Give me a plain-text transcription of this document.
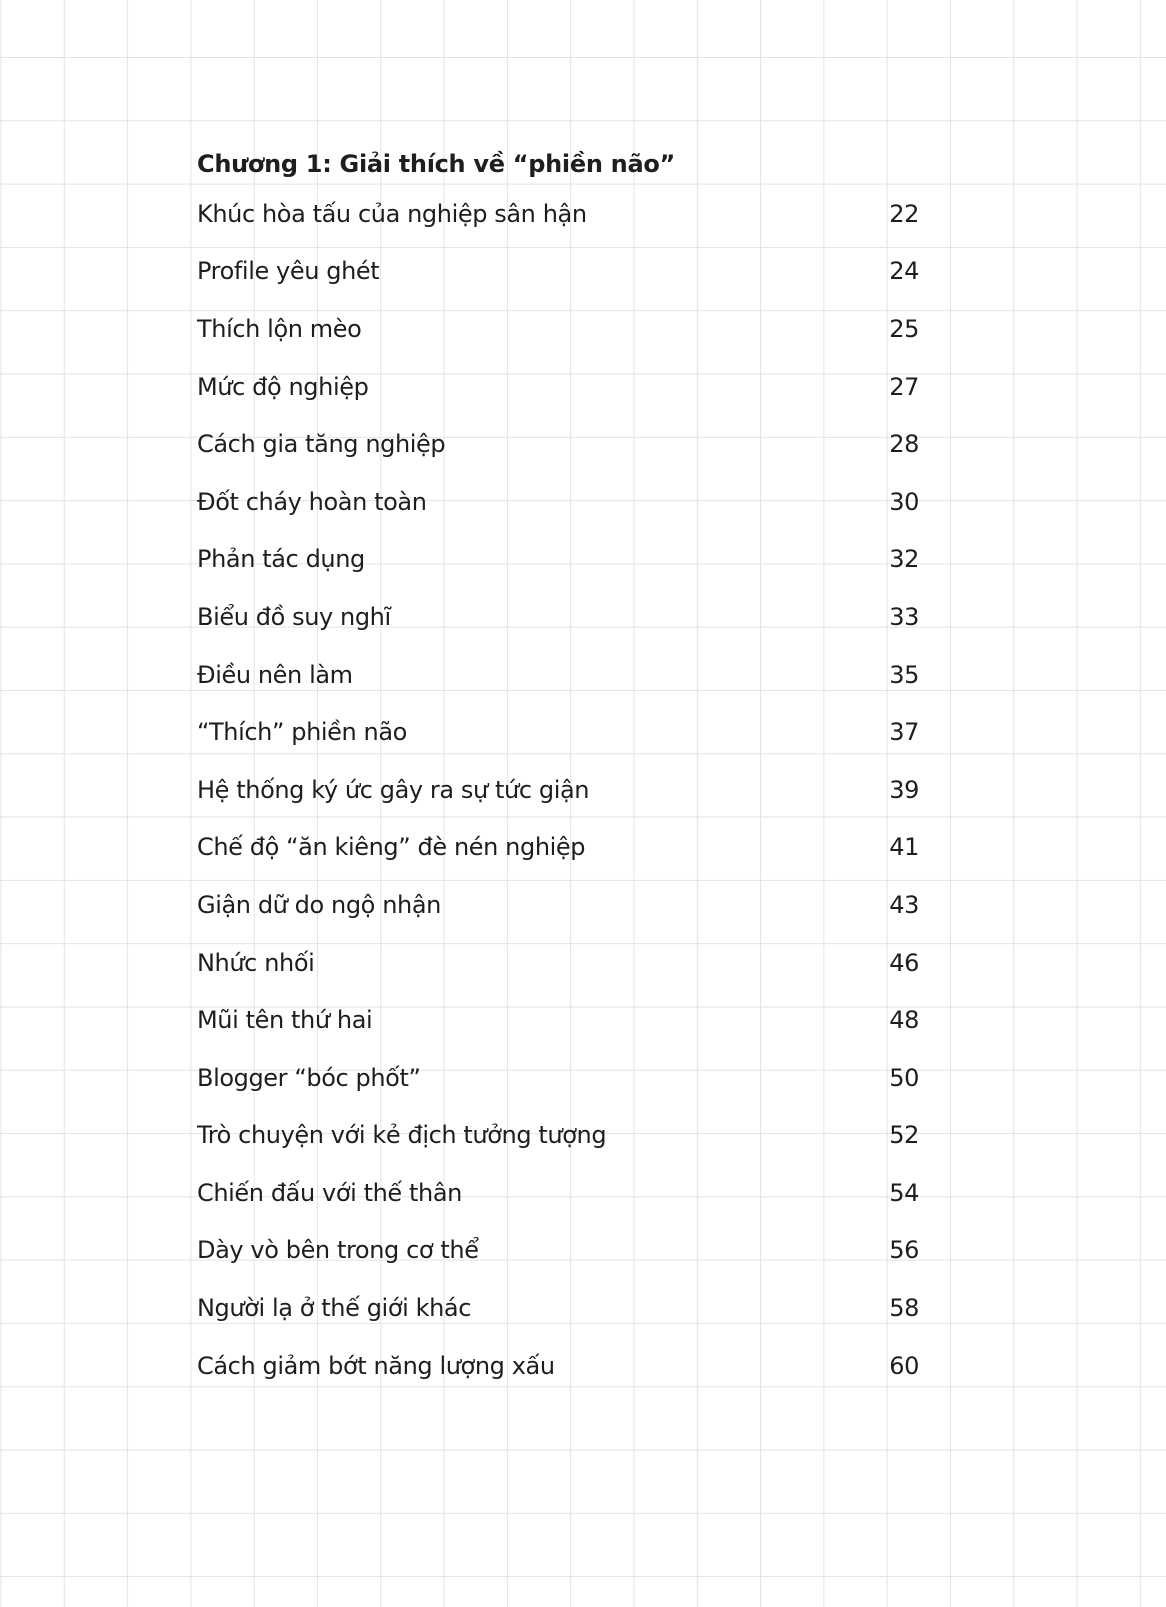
Chương 1: Giải thích về “phiền não”
Khúc hòa tấu của nghiệp sân hận	22
Profile yêu ghét	24
Thích lộn mèo	25
Mức độ nghiệp	27
Cách gia tăng nghiệp	28
Đốt cháy hoàn toàn	30
Phản tác dụng	32
Biểu đồ suy nghĩ	33
Điều nên làm	35
“Thích” phiền não	37
Hệ thống ký ức gây ra sự tức giận	39
Chế độ “ăn kiêng” đè nén nghiệp	41
Giận dữ do ngộ nhận	43
Nhức nhối	46
Mũi tên thứ hai	48
Blogger “bóc phốt”	50
Trò chuyện với kẻ địch tưởng tượng	52
Chiến đấu với thế thân	54
Dày vò bên trong cơ thể	56
Người lạ ở thế giới khác	58
Cách giảm bớt năng lượng xấu	60
